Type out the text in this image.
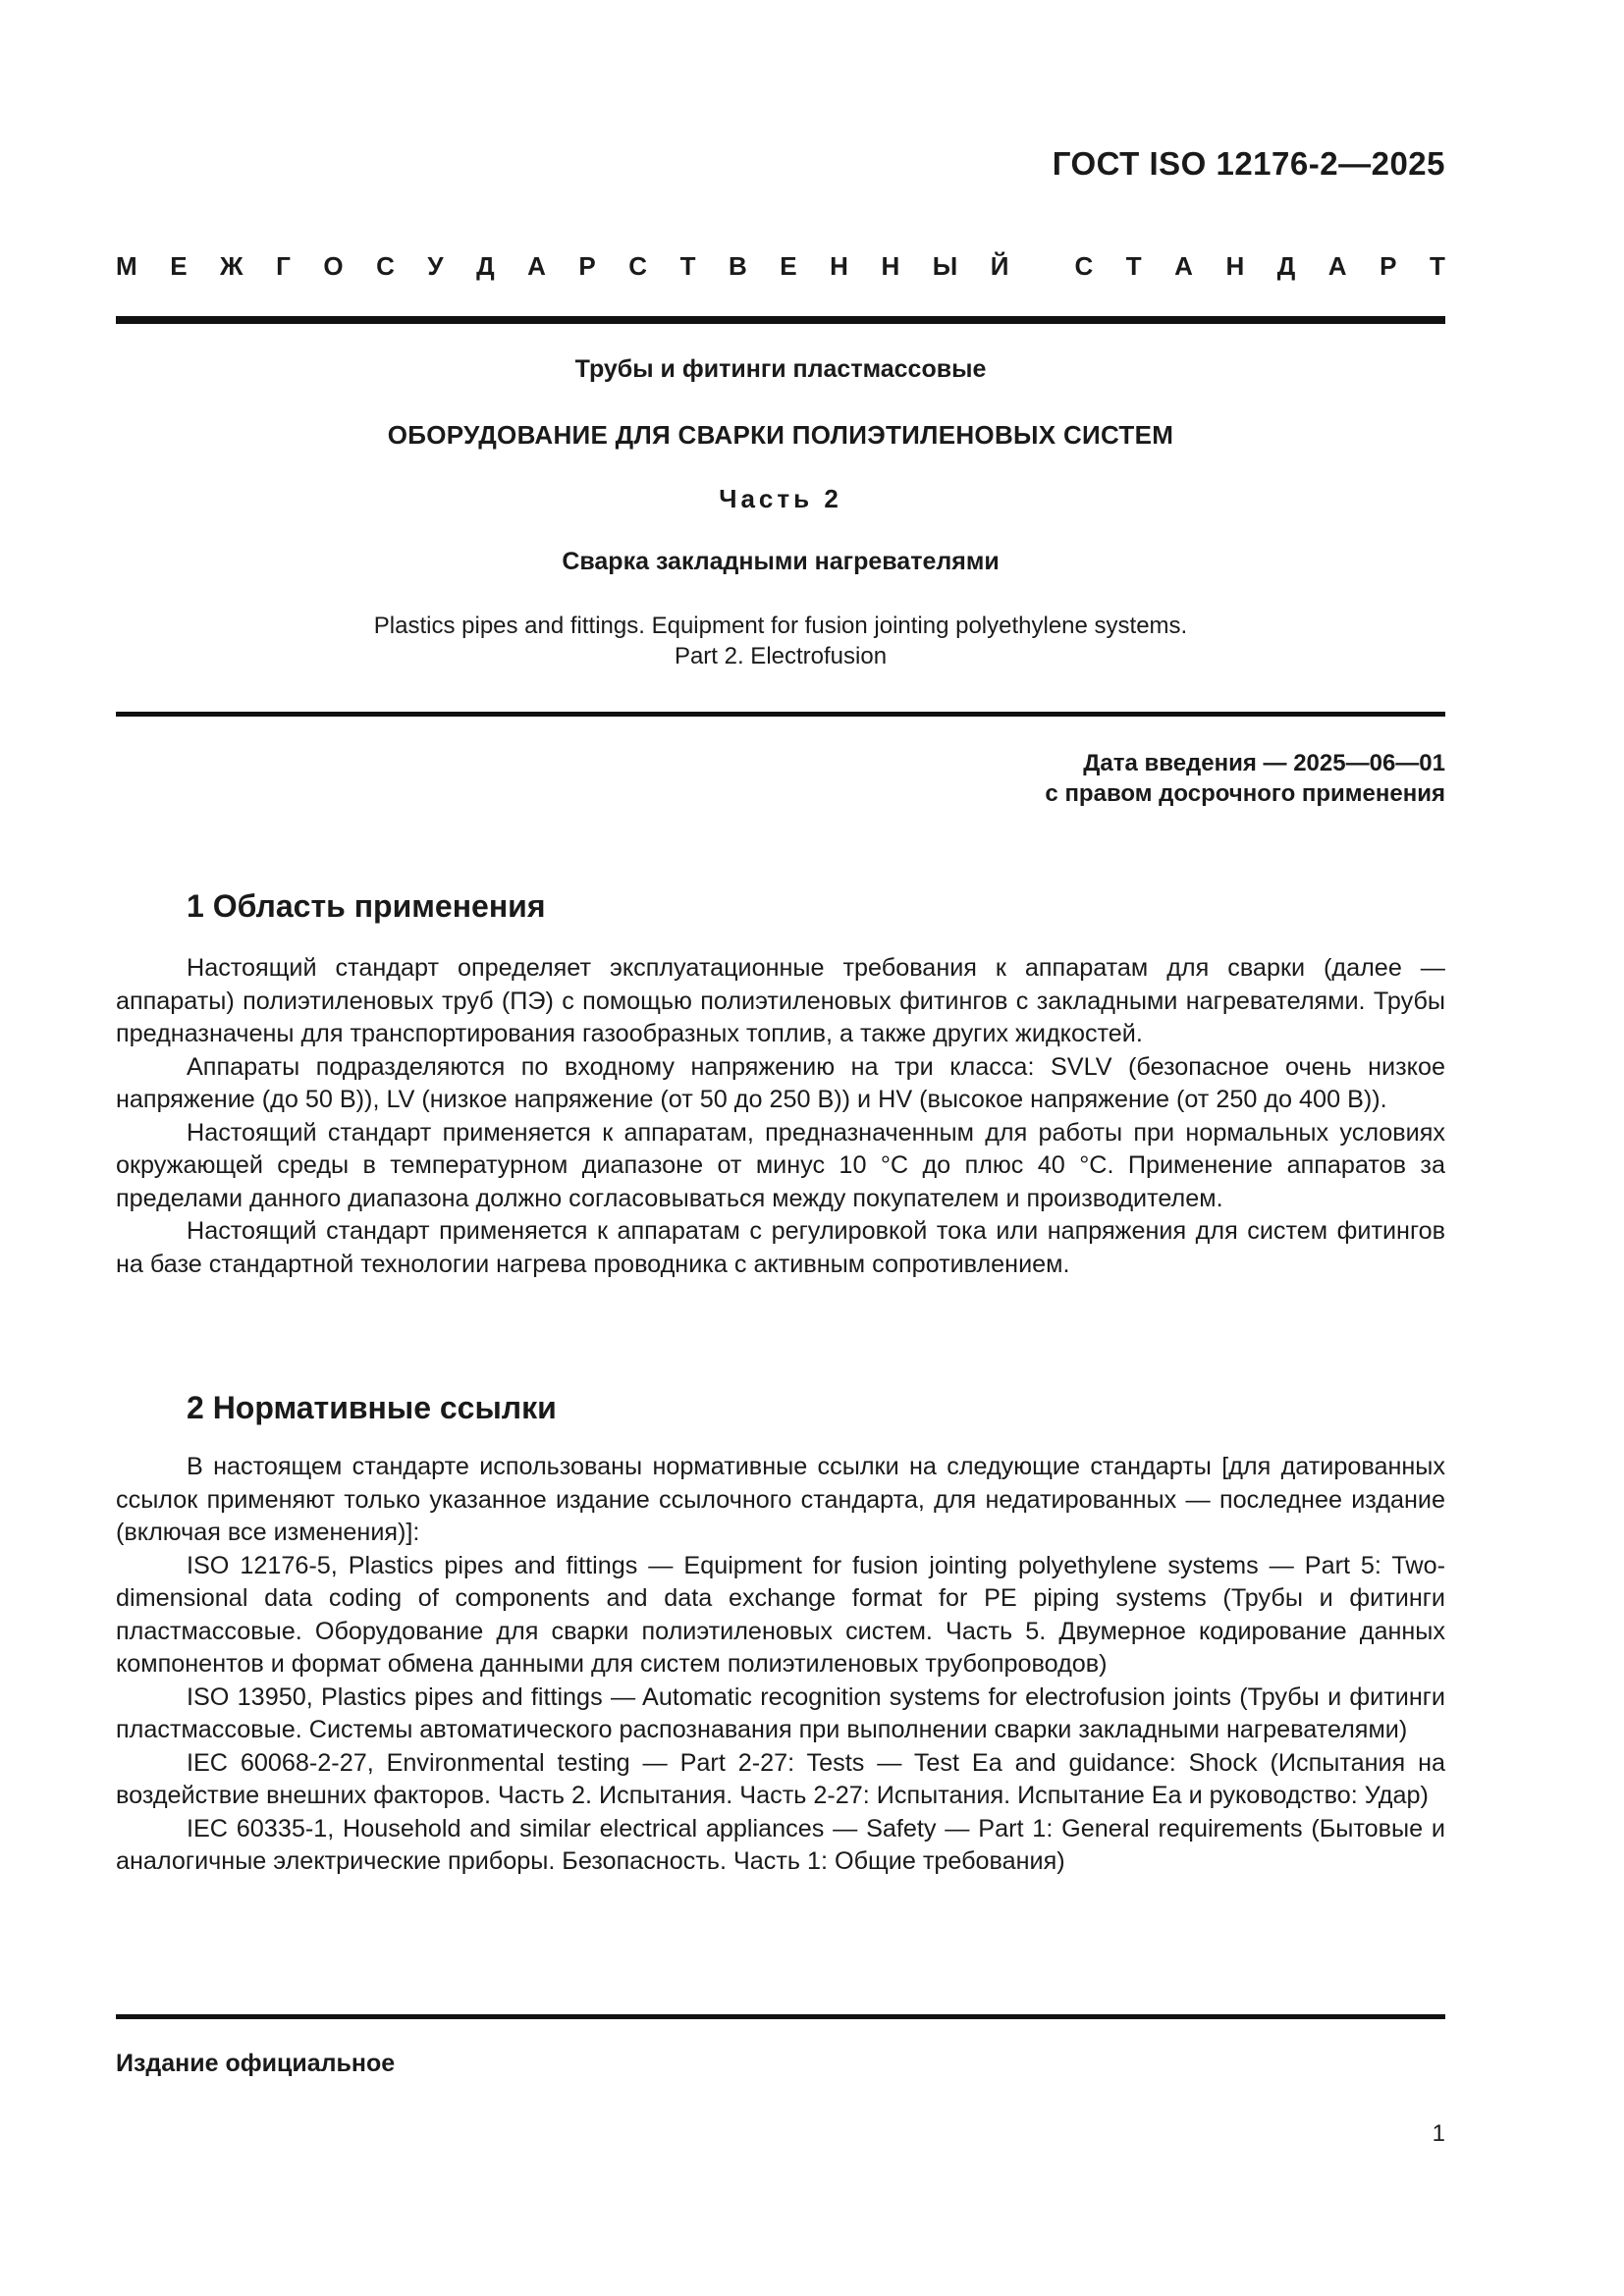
ГОСТ ISO 12176-2—2025
М Е Ж Г О С У Д А Р С Т В Е Н Н Ы Й	С Т А Н Д А Р Т
Трубы и фитинги пластмассовые
ОБОРУДОВАНИЕ ДЛЯ СВАРКИ ПОЛИЭТИЛЕНОВЫХ СИСТЕМ
Часть 2
Сварка закладными нагревателями
Plastics pipes and fittings. Equipment for fusion jointing polyethylene systems.
Part 2. Electrofusion
Дата введения — 2025—06—01
с правом досрочного применения
1 Область применения

Настоящий стандарт определяет эксплуатационные требования к аппаратам для сварки (далее — аппараты) полиэтиленовых труб (ПЭ) с помощью полиэтиленовых фитингов с закладными нагревателями. Трубы предназначены для транспортирования газообразных топлив, а также других жидкостей.

Аппараты подразделяются по входному напряжению на три класса: SVLV (безопасное очень низкое напряжение (до 50 В)), LV (низкое напряжение (от 50 до 250 В)) и HV (высокое напряжение (от 250 до 400 В)).

Настоящий стандарт применяется к аппаратам, предназначенным для работы при нормальных условиях окружающей среды в температурном диапазоне от минус 10 °С до плюс 40 °С. Применение аппаратов за пределами данного диапазона должно согласовываться между покупателем и производителем.

Настоящий стандарт применяется к аппаратам с регулировкой тока или напряжения для систем фитингов на базе стандартной технологии нагрева проводника с активным сопротивлением.

2 Нормативные ссылки

В настоящем стандарте использованы нормативные ссылки на следующие стандарты [для датированных ссылок применяют только указанное издание ссылочного стандарта, для недатированных — последнее издание (включая все изменения)]:

ISO 12176-5, Plastics pipes and fittings — Equipment for fusion jointing polyethylene systems — Part 5: Two-dimensional data coding of components and data exchange format for PE piping systems (Трубы и фитинги пластмассовые. Оборудование для сварки полиэтиленовых систем. Часть 5. Двумерное кодирование данных компонентов и формат обмена данными для систем полиэтиленовых трубопроводов)

ISO 13950, Plastics pipes and fittings — Automatic recognition systems for electrofusion joints (Трубы и фитинги пластмассовые. Системы автоматического распознавания при выполнении сварки закладными нагревателями)

IEC 60068-2-27, Environmental testing — Part 2-27: Tests — Test Ea and guidance: Shock (Испытания на воздействие внешних факторов. Часть 2. Испытания. Часть 2-27: Испытания. Испытание Ea и руководство: Удар)

IEC 60335-1, Household and similar electrical appliances — Safety — Part 1: General requirements (Бытовые и аналогичные электрические приборы. Безопасность. Часть 1: Общие требования)

Издание официальное
1
